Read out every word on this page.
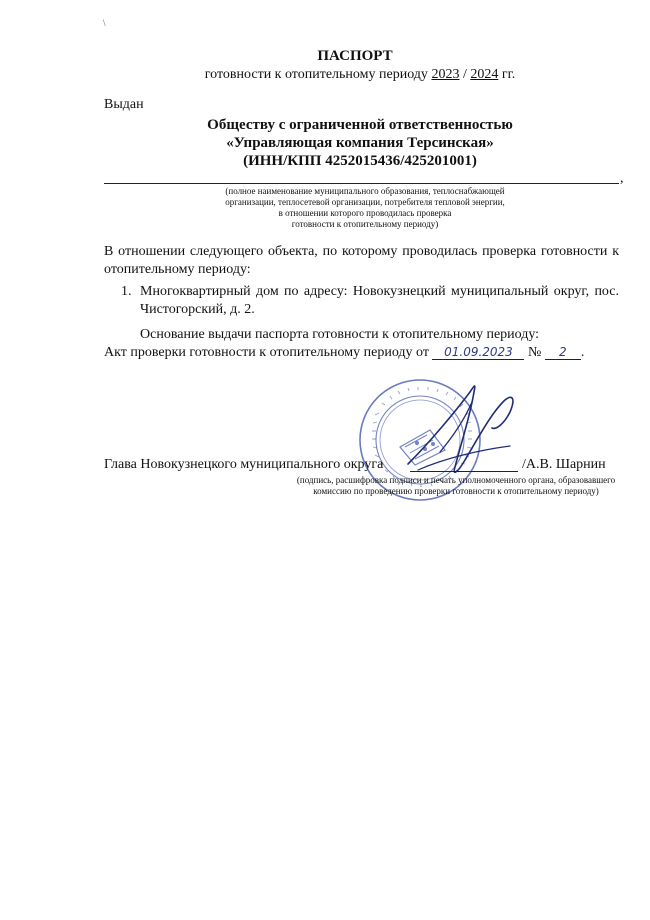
\
ПАСПОРТ
готовности к отопительному периоду 2023 / 2024 гг.
Выдан
Обществу с ограниченной ответственностью
«Управляющая компания Терсинская»
(ИНН/КПП 4252015436/425201001)
,
(полное наименование муниципального образования, теплоснабжающей
организации, теплосетевой организации, потребителя тепловой энергии,
в отношении которого проводилась проверка
готовности к отопительному периоду)
В отношении следующего объекта, по которому проводилась проверка готовности к отопительному периоду:
1. Многоквартирный дом по адресу: Новокузнецкий муниципальный округ, пос. Чистогорский, д. 2.
Основание выдачи паспорта готовности к отопительному периоду:
Акт проверки готовности к отопительному периоду от 01.09.2023 № 2 .
Глава Новокузнецкого муниципального округа	/А.В. Шарнин
(подпись, расшифровка подписи и печать уполномоченного органа, образовавшего
комиссию по проведению проверки готовности к отопительному периоду)
